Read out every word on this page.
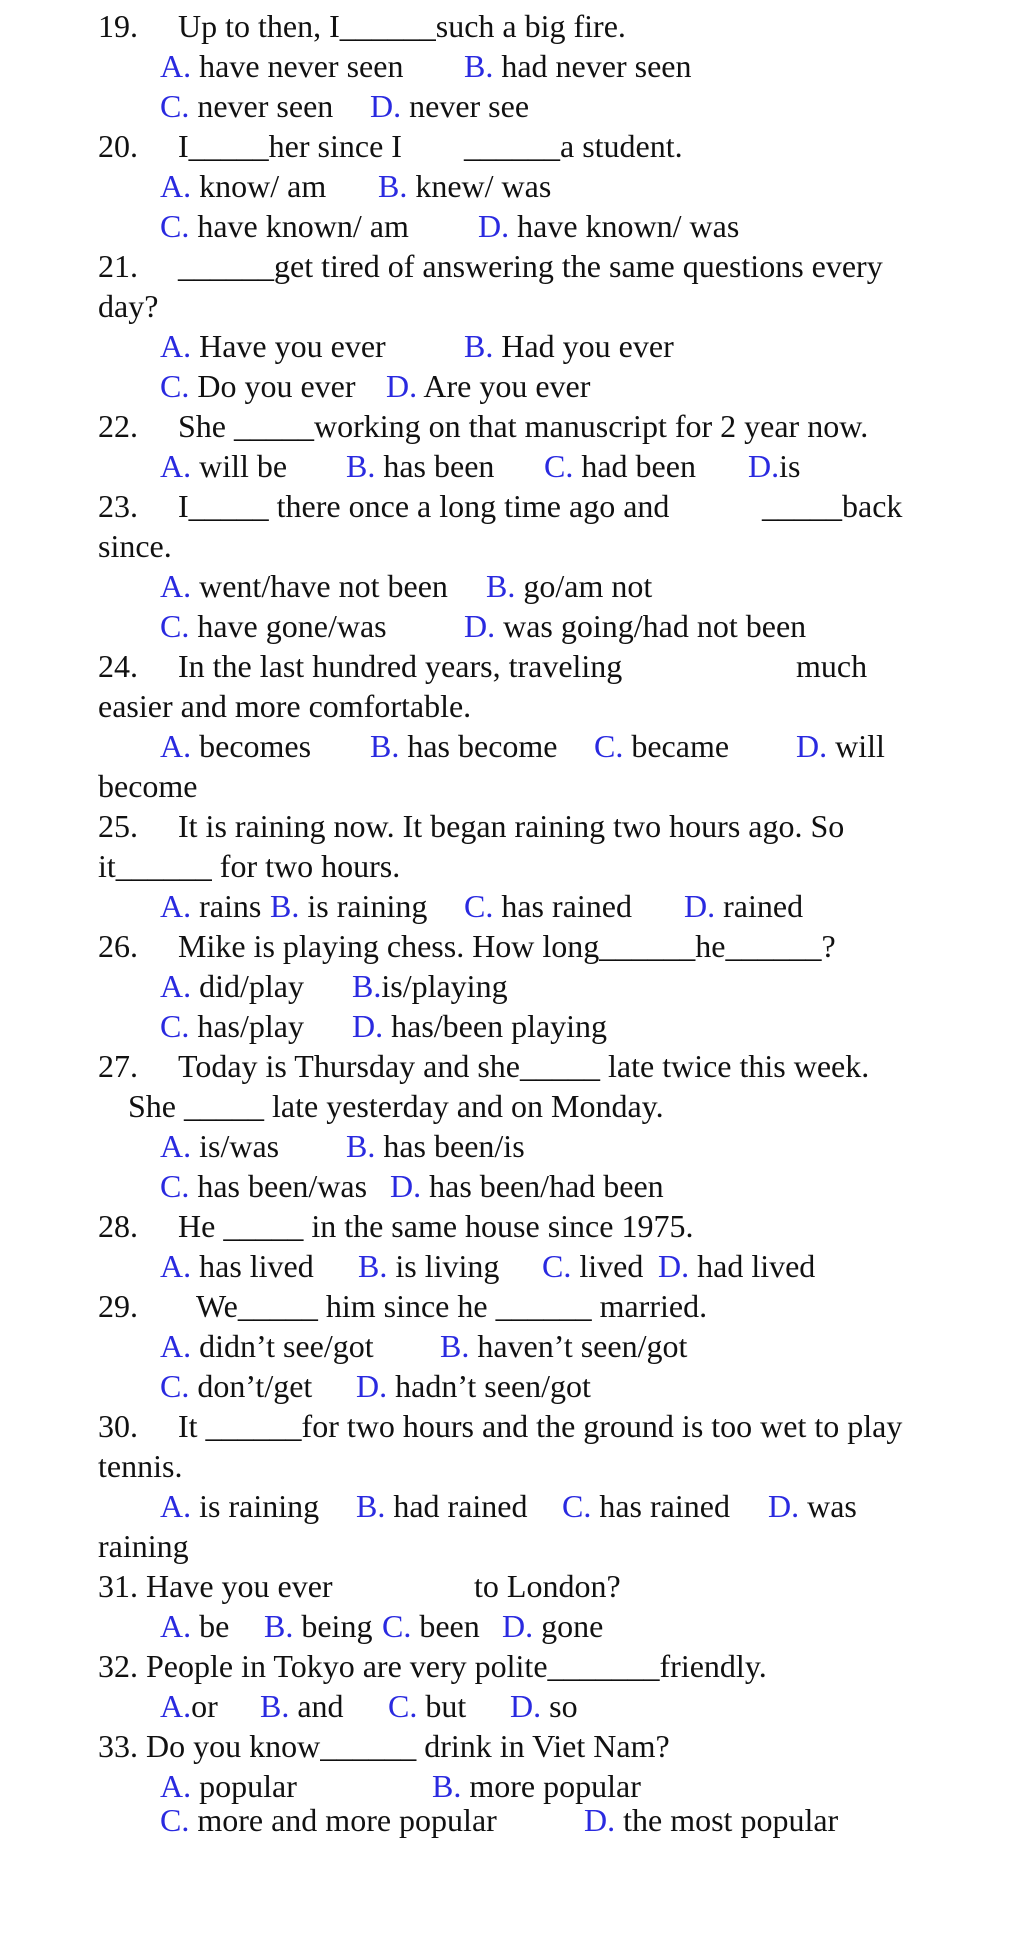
19.

Up to then, I______such a big fire.

A. have never seen

B. had never seen

C. never seen

D. never see

20.

I_____her since I

______a student.

A. know/ am

B. knew/ was

C. have known/ am

D. have known/ was

21.

______get tired of answering the same questions every

day?

A. Have you ever

B. Had you ever

C. Do you ever

D. Are you ever

22.

She _____working on that manuscript for 2 year now.

A. will be

B. has been

C. had been

D.is

23.

I_____ there once a long time ago and

	_____back

since.

A. went/have not been

B. go/am not

C. have gone/was

D. was going/had not been

24.

In the last hundred years, traveling

	much

easier and more comfortable.

A. becomes

B. has become

C. became

D. will

become

25.

It is raining now. It began raining two hours ago. So

it______ for two hours.

A. rains

B. is raining

C. has rained

D. rained

26.

Mike is playing chess. How long______he______?

A. did/play

B.is/playing

C. has/play

D. has/been playing

27.

Today is Thursday and she_____ late twice this week.

She _____ late yesterday and on Monday.

A. is/was

B. has been/is

C. has been/was

D. has been/had been

28.

He _____ in the same house since 1975.

A. has lived

B. is living

C. lived

D. had lived

29.

We_____ him since he ______ married.

A. didn’t see/got

B. haven’t seen/got

C. don’t/get

D. hadn’t seen/got

30.

It ______for two hours and the ground is too wet to play

tennis.

A. is raining

B. had rained

C. has rained

D. was

raining

31. Have you ever

	to London?

A. be

B. being

C. been

D. gone

32. People in Tokyo are very polite_______friendly.

A.or

B. and

C. but

D. so

33. Do you know______ drink in Viet Nam?

A. popular

	B. more popular

C. more and more popular

	D. the most popular
